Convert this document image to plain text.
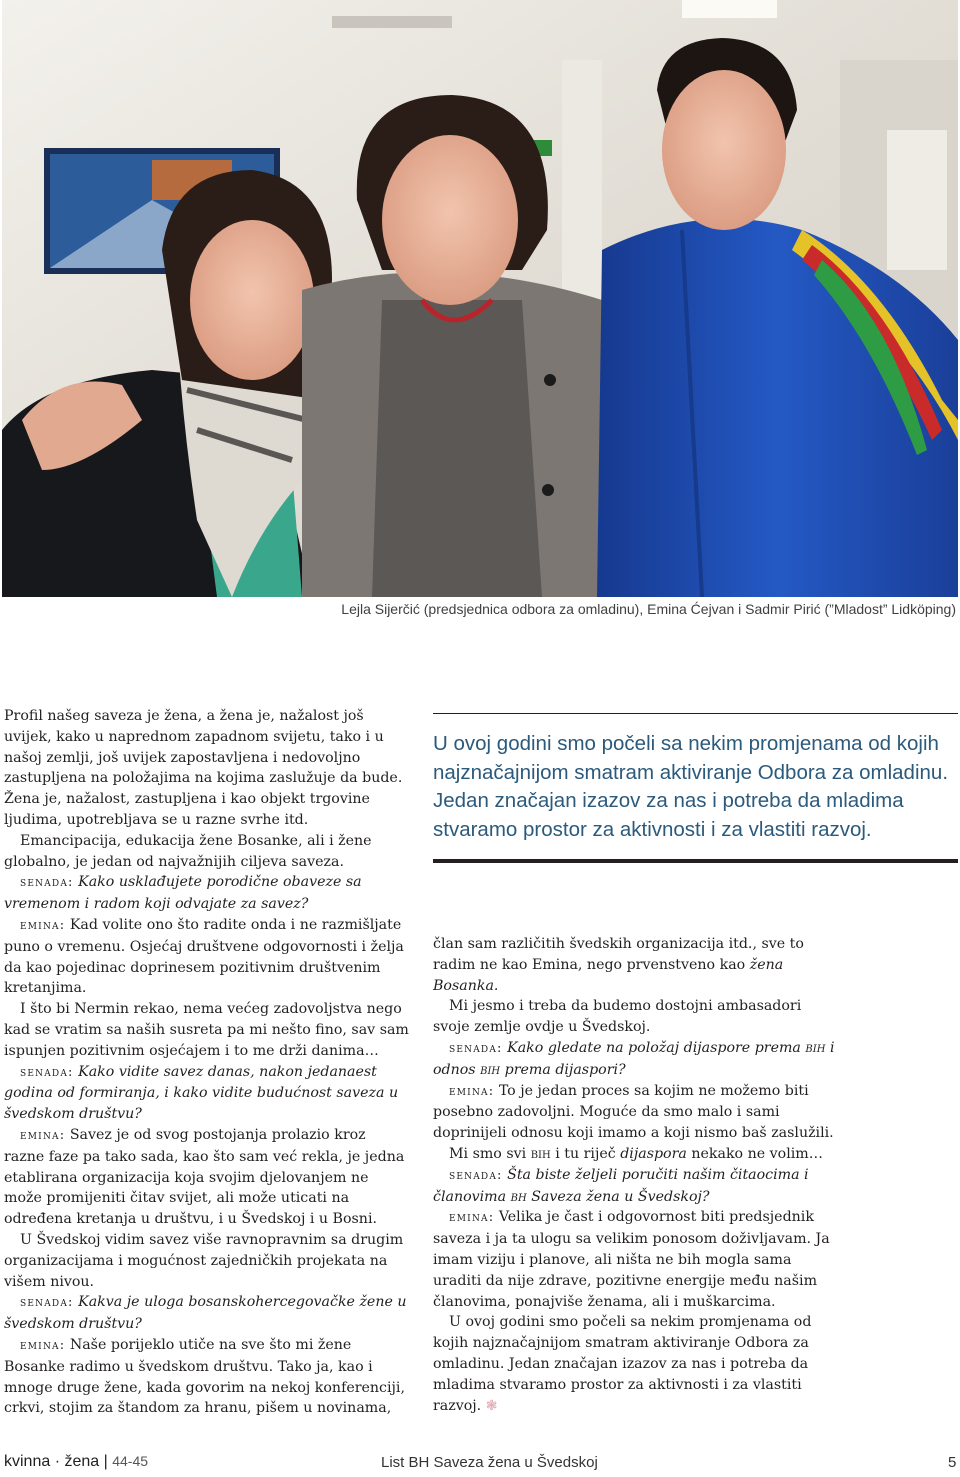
Lejla Sijerčić (predsjednica odbora za omladinu), Emina Ćejvan i Sadmir Pirić (”Mladost” Lidköping)
U ovoj godini smo počeli sa nekim promjenama od kojih najznačajnijom smatram aktiviranje Odbora za omladinu. Jedan značajan izazov za nas i potreba da mladima stvaramo prostor za aktivnosti i za vlastiti razvoj.

Profil našeg saveza je žena, a žena je, nažalost još uvijek, kako u naprednom zapadnom svijetu, tako i u našoj zemlji, još uvijek zapostavljena i nedovoljno zastupljena na položajima na kojima zaslužuje da bude. Žena je, nažalost, zastupljena i kao objekt trgovine ljudima, upotrebljava se u razne svrhe itd.

Emancipacija, edukacija žene Bosanke, ali i žene globalno, je jedan od najvažnijih ciljeva saveza.

senada: Kako usklađujete porodične obaveze sa vremenom i radom koji odvajate za savez?

emina: Kad volite ono što radite onda i ne razmišljate puno o vremenu. Osjećaj društvene odgovornosti i želja da kao pojedinac doprinesem pozitivnim društvenim kretanjima.

I što bi Nermin rekao, nema većeg zadovoljstva nego kad se vratim sa naših susreta pa mi nešto fino, sav sam ispunjen pozitivnim osjećajem i to me drži danima…

senada: Kako vidite savez danas, nakon jedanaest godina od formiranja, i kako vidite budućnost saveza u švedskom društvu?

emina: Savez je od svog postojanja prolazio kroz razne faze pa tako sada, kao što sam već rekla, je jedna etablirana organizacija koja svojim djelovanjem ne može promijeniti čitav svijet, ali može uticati na određena kretanja u društvu, i u Švedskoj i u Bosni.

U Švedskoj vidim savez više ravnopravnim sa drugim organizacijama i mogućnost zajedničkih projekata na višem nivou.

senada: Kakva je uloga bosanskohercegovačke žene u švedskom društvu?

emina: Naše porijeklo utiče na sve što mi žene Bosanke radimo u švedskom društvu. Tako ja, kao i mnoge druge žene, kada govorim na nekoj konferenciji, crkvi, stojim za štandom za hranu, pišem u novinama,

član sam različitih švedskih organizacija itd., sve to radim ne kao Emina, nego prvenstveno kao žena Bosanka.

Mi jesmo i treba da budemo dostojni ambasadori svoje zemlje ovdje u Švedskoj.

senada: Kako gledate na položaj dijaspore prema bih i odnos bih prema dijaspori?

emina: To je jedan proces sa kojim ne možemo biti posebno zadovoljni. Moguće da smo malo i sami doprinijeli odnosu koji imamo a koji nismo baš zaslužili.

Mi smo svi bih i tu riječ dijaspora nekako ne volim…

senada: Šta biste željeli poručiti našim čitaocima i članovima bh Saveza žena u Švedskoj?

emina: Velika je čast i odgovornost biti predsjednik saveza i ja ta ulogu sa velikim ponosom doživljavam. Ja imam viziju i planove, ali ništa ne bih mogla sama uraditi da nije zdrave, pozitivne energije među našim članovima, ponajviše ženama, ali i muškarcima.

U ovoj godini smo počeli sa nekim promjenama od kojih najznačajnijom smatram aktiviranje Odbora za omladinu. Jedan značajan izazov za nas i potreba da mladima stvaramo prostor za aktivnosti i za vlastiti razvoj. ❃

kvinna · žena | 44-45	List BH Saveza žena u Švedskoj	5
